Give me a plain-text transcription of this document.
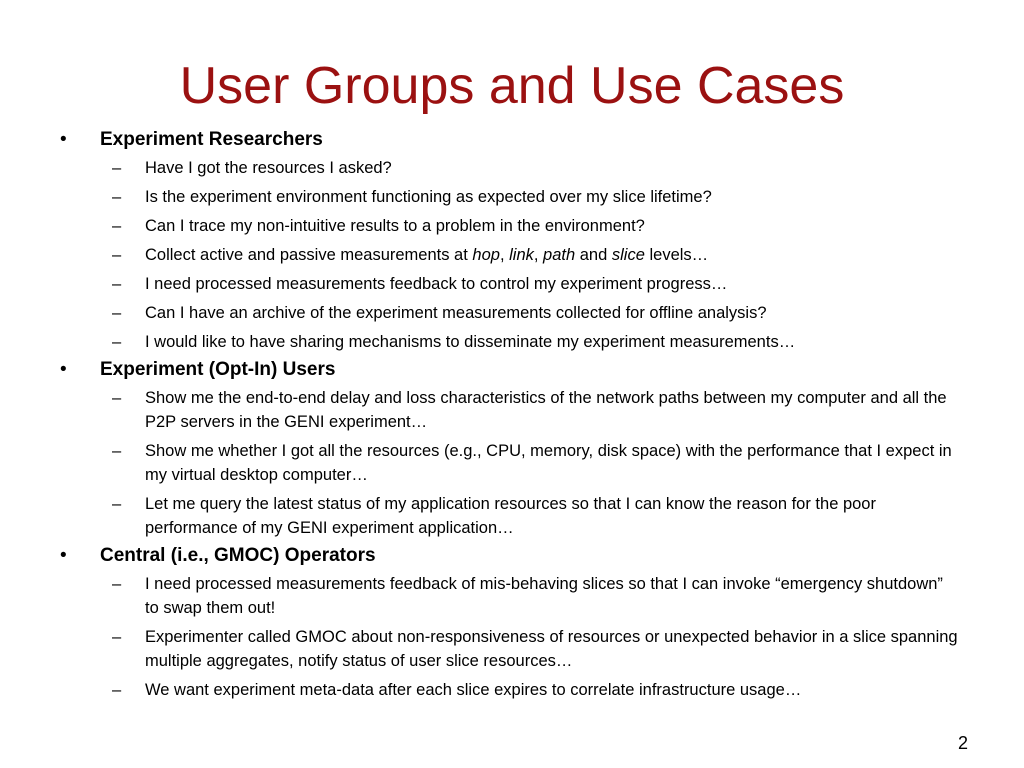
User Groups and Use Cases
• Experiment Researchers
– Have I got the resources I asked?
– Is the experiment environment functioning as expected over my slice lifetime?
– Can I trace my non-intuitive results to a problem in the environment?
– Collect active and passive measurements at hop, link, path and slice levels…
– I need processed measurements feedback to control my experiment progress…
– Can I have an archive of the experiment measurements collected for offline analysis?
– I would like to have sharing mechanisms to disseminate my experiment measurements…
• Experiment (Opt-In) Users
– Show me the end-to-end delay and loss characteristics of the network paths between my computer and all the P2P servers in the GENI experiment…
– Show me whether I got all the resources (e.g., CPU, memory, disk space) with the performance that I expect in my virtual desktop computer…
– Let me query the latest status of my application resources so that I can know the reason for the poor performance of my GENI experiment application…
• Central (i.e., GMOC) Operators
– I need processed measurements feedback of mis-behaving slices so that I can invoke “emergency shutdown” to swap them out!
– Experimenter called GMOC about non-responsiveness of resources or unexpected behavior in a slice spanning multiple aggregates, notify status of user slice resources…
– We want experiment meta-data after each slice expires to correlate infrastructure usage…
2
